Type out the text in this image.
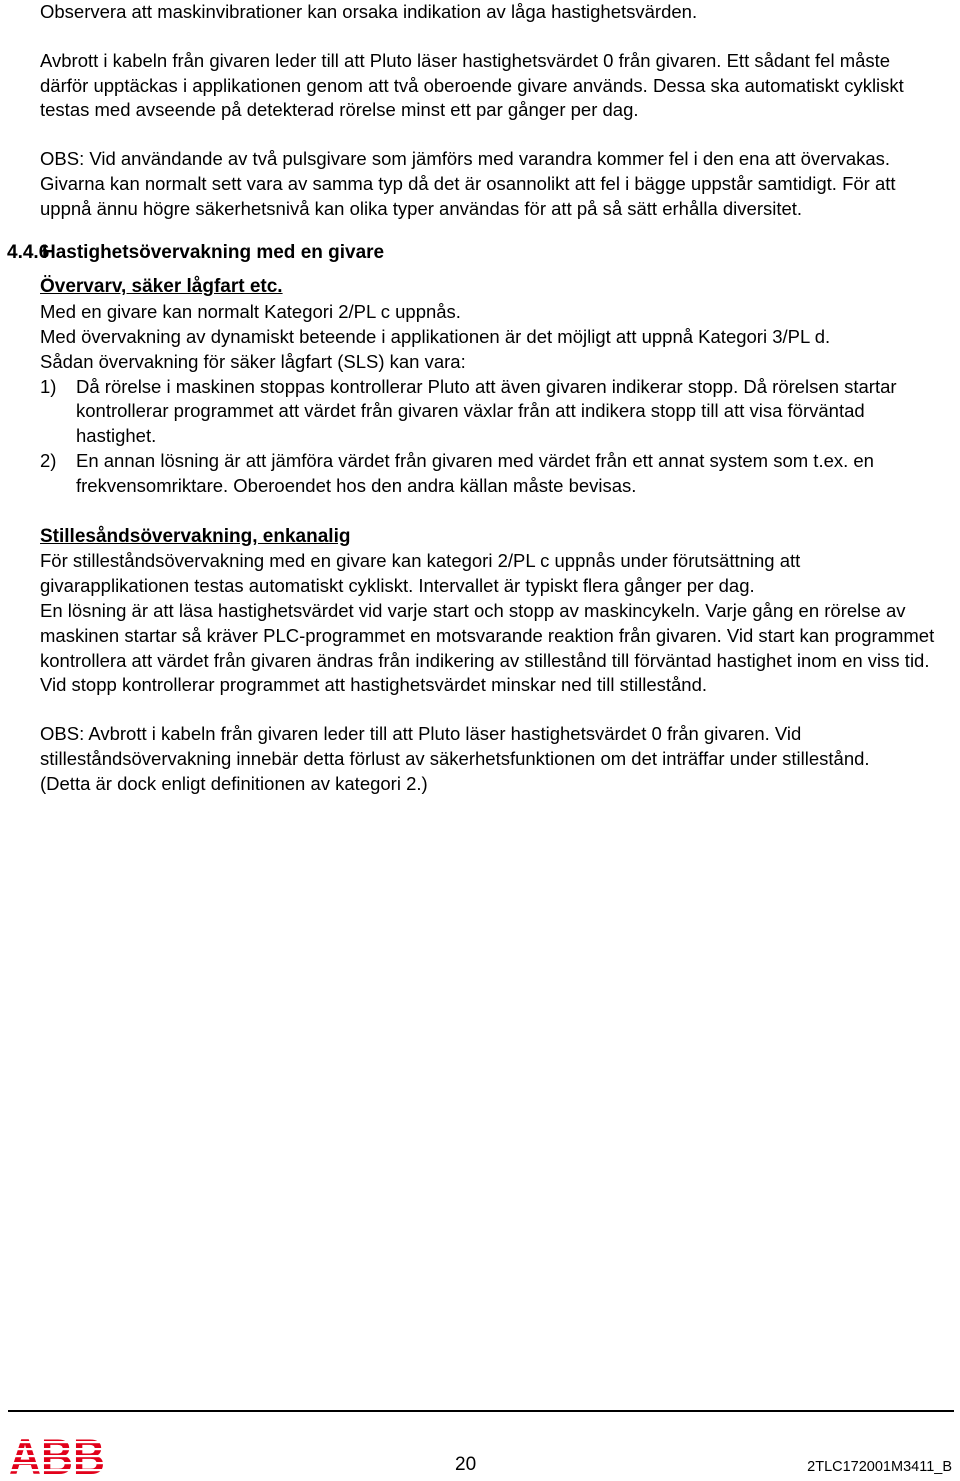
Observera att maskinvibrationer kan orsaka indikation av låga hastighetsvärden.

Avbrott i kabeln från givaren leder till att Pluto läser hastighetsvärdet 0 från givaren. Ett sådant fel måste därför upptäckas i applikationen genom att två oberoende givare används. Dessa ska automatiskt cykliskt testas med avseende på detekterad rörelse minst ett par gånger per dag.

OBS: Vid användande av två pulsgivare som jämförs med varandra kommer fel i den ena att övervakas. Givarna kan normalt sett vara av samma typ då det är osannolikt att fel i bägge uppstår samtidigt. För att uppnå ännu högre säkerhetsnivå kan olika typer användas för att på så sätt erhålla diversitet.

4.4.6Hastighetsövervakning med en givare

Övervarv, säker lågfart etc.

Med en givare kan normalt Kategori 2/PL c uppnås.

Med övervakning av dynamiskt beteende i applikationen är det möjligt att uppnå Kategori 3/PL d.

Sådan övervakning för säker lågfart (SLS) kan vara:

1)	Då rörelse i maskinen stoppas kontrollerar Pluto att även givaren indikerar stopp. Då rörelsen startar kontrollerar programmet att värdet från givaren växlar från att indikera stopp till att visa förväntad hastighet.
2)	En annan lösning är att jämföra värdet från givaren med värdet från ett annat system som t.ex. en frekvensomriktare. Oberoendet hos den andra källan måste bevisas.

Stillesåndsövervakning, enkanalig

För stilleståndsövervakning med en givare kan kategori 2/PL c uppnås under förutsättning att givarapplikationen testas automatiskt cykliskt. Intervallet är typiskt flera gånger per dag.

En lösning är att läsa hastighetsvärdet vid varje start och stopp av maskincykeln. Varje gång en rörelse av maskinen startar så kräver PLC-programmet en motsvarande reaktion från givaren. Vid start kan programmet kontrollera att värdet från givaren ändras från indikering av stillestånd till förväntad hastighet inom en viss tid. Vid stopp kontrollerar programmet att hastighetsvärdet minskar ned till stillestånd.

OBS: Avbrott i kabeln från givaren leder till att Pluto läser hastighetsvärdet 0 från givaren. Vid stilleståndsövervakning innebär detta förlust av säkerhetsfunktionen om det inträffar under stillestånd.

(Detta är dock enligt definitionen av kategori 2.)

20	2TLC172001M3411_B
